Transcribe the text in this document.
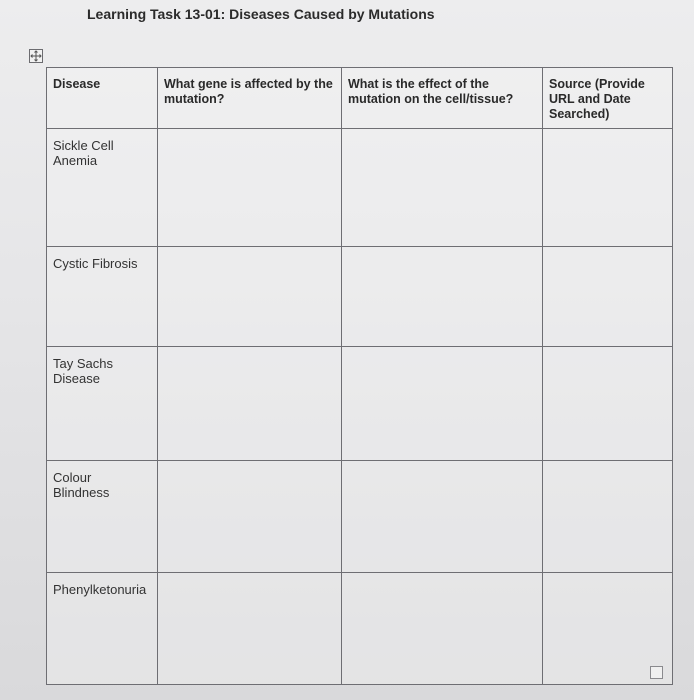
Learning Task 13-01: Diseases Caused by Mutations
Disease	What gene is affected by the mutation?	What is the effect of the mutation on the cell/tissue?	Source (Provide URL and Date Searched)
Sickle Cell Anemia			
Cystic Fibrosis			
Tay Sachs Disease			
Colour Blindness			
Phenylketonuria			
